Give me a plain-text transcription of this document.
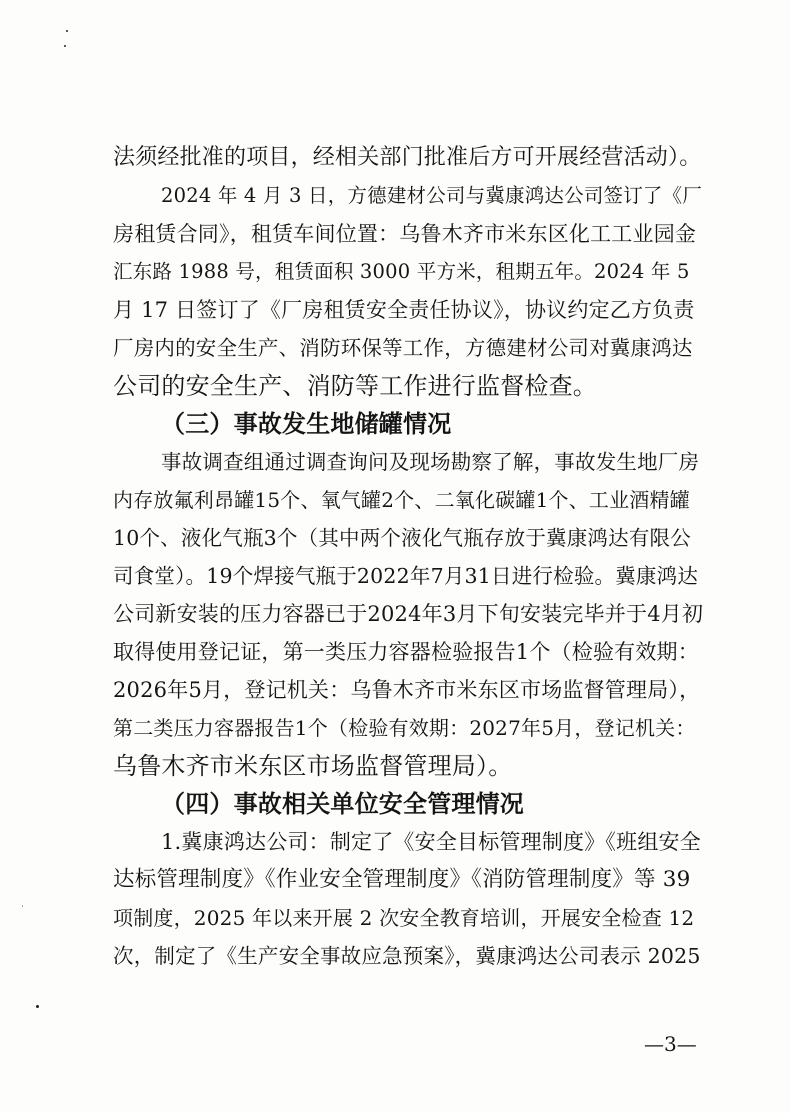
法须经批准的项目，经相关部门批准后方可开展经营活动）。
2024 年 4 月 3 日，方德建材公司与冀康鸿达公司签订了《厂
房租赁合同》，租赁车间位置：乌鲁木齐市米东区化工工业园金
汇东路 1988 号，租赁面积 3000 平方米，租期五年。2024 年 5
月 17 日签订了《厂房租赁安全责任协议》，协议约定乙方负责
厂房内的安全生产、消防环保等工作，方德建材公司对冀康鸿达
公司的安全生产、消防等工作进行监督检查。
（三）事故发生地储罐情况
事故调查组通过调查询问及现场勘察了解，事故发生地厂房
内存放氟利昂罐15个、氧气罐2个、二氧化碳罐1个、工业酒精罐
10个、液化气瓶3个（其中两个液化气瓶存放于冀康鸿达有限公
司食堂）。19个焊接气瓶于2022年7月31日进行检验。冀康鸿达
公司新安装的压力容器已于2024年3月下旬安装完毕并于4月初
取得使用登记证，第一类压力容器检验报告1个（检验有效期：
2026年5月，登记机关：乌鲁木齐市米东区市场监督管理局），
第二类压力容器报告1个（检验有效期：2027年5月，登记机关：
乌鲁木齐市米东区市场监督管理局）。
（四）事故相关单位安全管理情况
1.冀康鸿达公司：制定了《安全目标管理制度》《班组安全
达标管理制度》《作业安全管理制度》《消防管理制度》等 39
项制度，2025 年以来开展 2 次安全教育培训，开展安全检查 12
次，制定了《生产安全事故应急预案》，冀康鸿达公司表示 2025
—3—
